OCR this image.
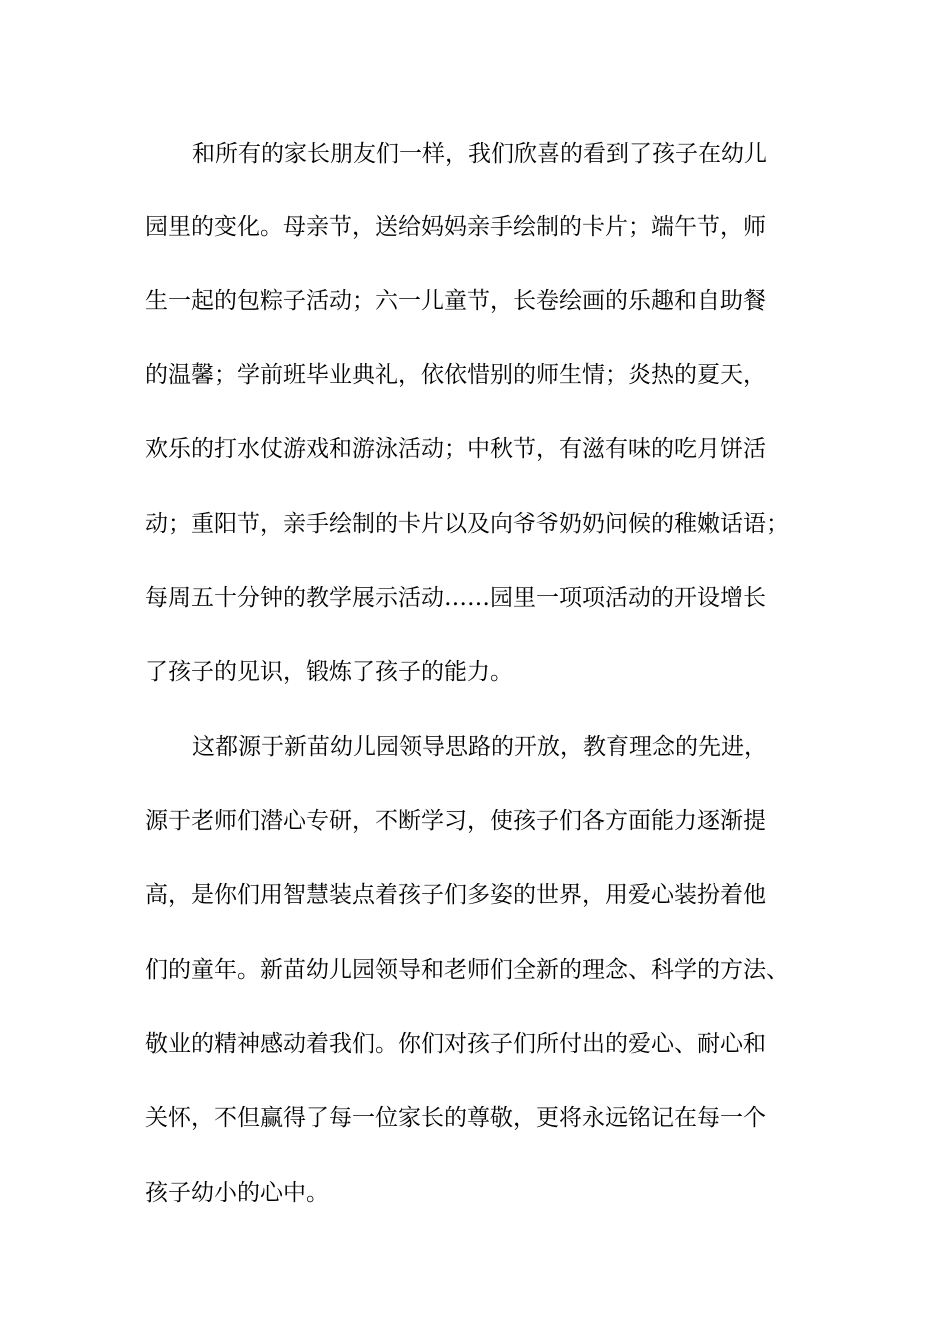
和所有的家长朋友们一样，我们欣喜的看到了孩子在幼儿
园里的变化。母亲节，送给妈妈亲手绘制的卡片；端午节，师
生一起的包粽子活动；六一儿童节，长卷绘画的乐趣和自助餐
的温馨；学前班毕业典礼，依依惜别的师生情；炎热的夏天，
欢乐的打水仗游戏和游泳活动；中秋节，有滋有味的吃月饼活
动；重阳节，亲手绘制的卡片以及向爷爷奶奶问候的稚嫩话语；
每周五十分钟的教学展示活动……园里一项项活动的开设增长
了孩子的见识，锻炼了孩子的能力。
这都源于新苗幼儿园领导思路的开放，教育理念的先进，
源于老师们潜心专研，不断学习，使孩子们各方面能力逐渐提
高，是你们用智慧装点着孩子们多姿的世界，用爱心装扮着他
们的童年。新苗幼儿园领导和老师们全新的理念、科学的方法、
敬业的精神感动着我们。你们对孩子们所付出的爱心、耐心和
关怀，不但赢得了每一位家长的尊敬，更将永远铭记在每一个
孩子幼小的心中。
